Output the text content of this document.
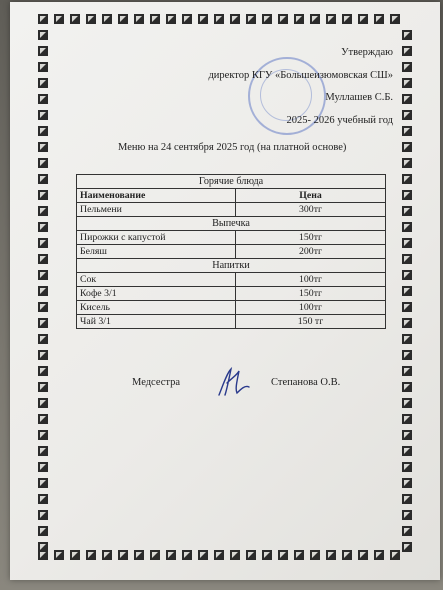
Утверждаю
директор КГУ «Большеизюмовская СШ»
Муллашев С.Б.
2025- 2026 учебный год
Меню на 24 сентября 2025 год (на платной основе)
Горячие блюда	
Наименование	Цена
Пельмени	300тг
Выпечка	
Пирожки с капустой	150тг
Беляш	200тг
Напитки	
Сок	100тг
Кофе 3/1	150тг
Кисель	100тг
Чай 3/1	150 тг
Медсестра	Степанова О.В.
